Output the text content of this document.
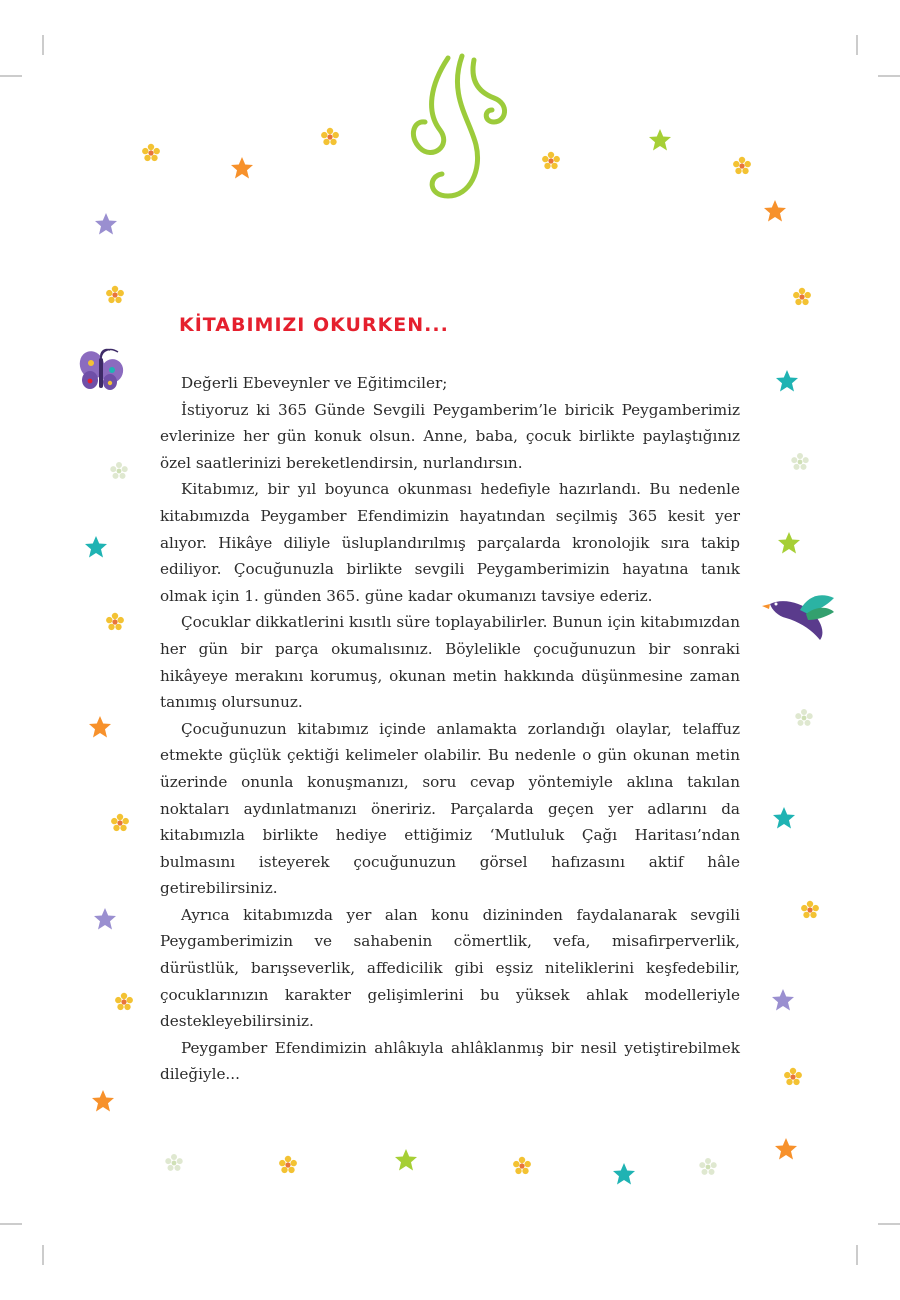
KİTABIMIZI OKURKEN...

Değerli Ebeveynler ve Eğitimciler;

İstiyoruz ki 365 Günde Sevgili Peygamberim’le biricik Peygamberimiz evlerinize her gün konuk olsun. Anne, baba, çocuk birlikte paylaştığınız özel saatlerinizi bereketlendirsin, nurlandırsın.

Kitabımız, bir yıl boyunca okunması hedefiyle hazırlandı. Bu nedenle kitabımızda Peygamber Efendimizin hayatından seçilmiş 365 kesit yer alıyor. Hikâye diliyle üsluplandırılmış parçalarda kronolojik sıra takip ediliyor. Çocuğunuzla birlikte sevgili Peygamberimizin hayatına tanık olmak için 1. günden 365. güne kadar okumanızı tavsiye ederiz.

Çocuklar dikkatlerini kısıtlı süre toplayabilirler. Bunun için kitabımızdan her gün bir parça okumalısınız. Böylelikle çocuğunuzun bir sonraki hikâyeye merakını korumuş, okunan metin hakkında düşünmesine zaman tanımış olursunuz.

Çocuğunuzun kitabımız içinde anlamakta zorlandığı olaylar, telaffuz etmekte güçlük çektiği kelimeler olabilir. Bu nedenle o gün okunan metin üzerinde onunla konuşmanızı, soru cevap yöntemiyle aklına takılan noktaları aydınlatmanızı öneririz. Parçalarda geçen yer adlarını da kitabımızla birlikte hediye ettiğimiz ‘Mutluluk Çağı Haritası’ndan bulmasını isteyerek çocuğunuzun görsel hafızasını aktif hâle getirebilirsiniz.

Ayrıca kitabımızda yer alan konu dizininden faydalanarak sevgili Peygamberimizin ve sahabenin cömertlik, vefa, misafirperverlik, dürüstlük, barışseverlik, affedicilik gibi eşsiz niteliklerini keşfedebilir, çocuklarınızın karakter gelişimlerini bu yüksek ahlak modelleriyle destekleyebilirsiniz.

Peygamber Efendimizin ahlâkıyla ahlâklanmış bir nesil yetiştirebilmek dileğiyle...
